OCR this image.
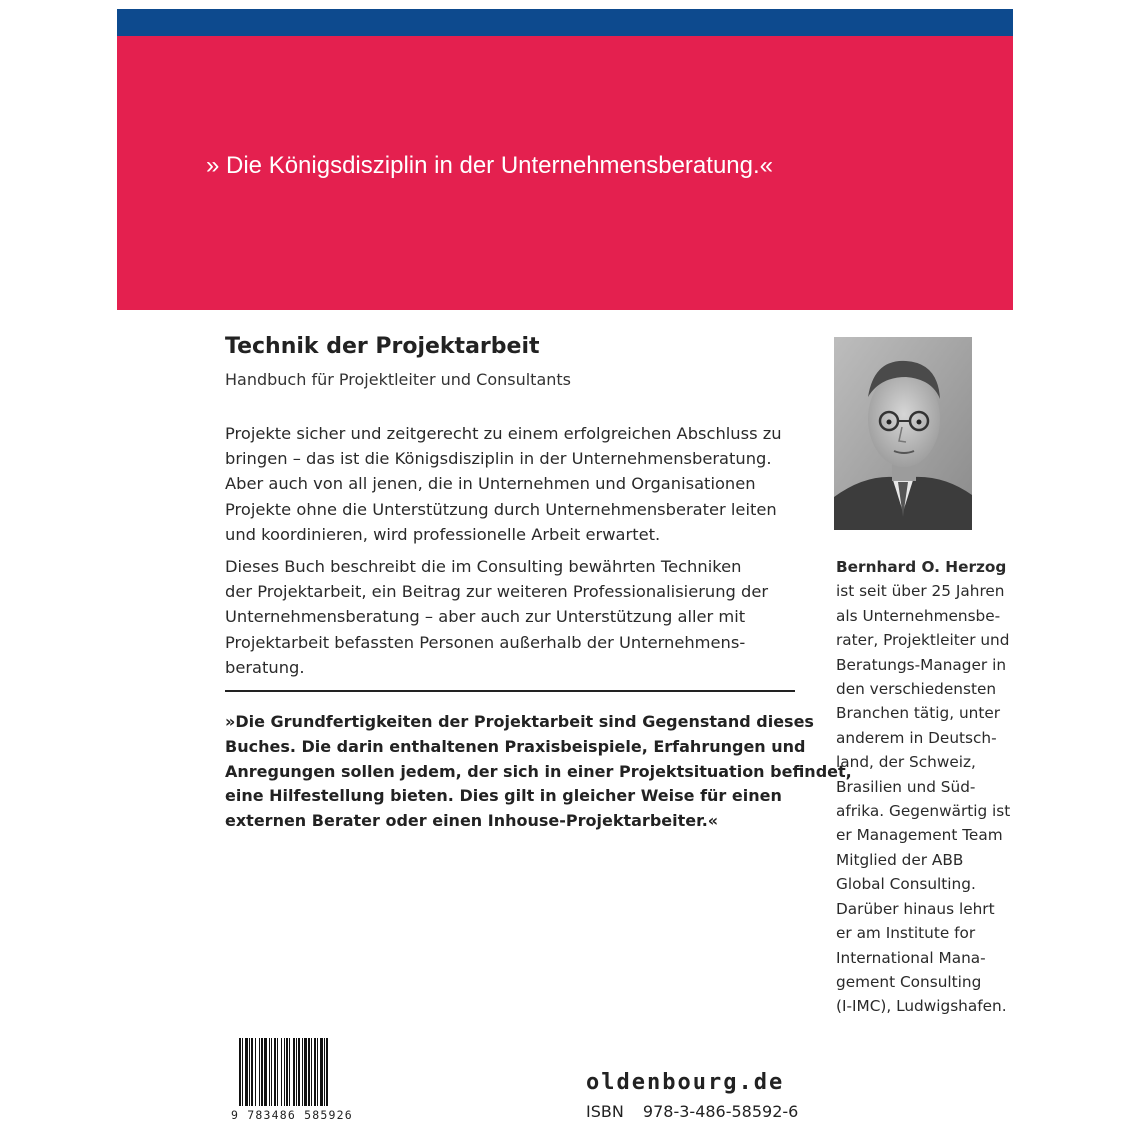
» Die Königsdisziplin in der Unternehmensberatung.«
Technik der Projektarbeit
Handbuch für Projektleiter und Consultants
Projekte sicher und zeitgerecht zu einem erfolgreichen Abschluss zu
bringen – das ist die Königsdisziplin in der Unternehmensberatung.
Aber auch von all jenen, die in Unternehmen und Organisationen
Projekte ohne die Unterstützung durch Unternehmensberater leiten
und koordinieren, wird professionelle Arbeit erwartet.
Dieses Buch beschreibt die im Consulting bewährten Techniken
der Projektarbeit, ein Beitrag zur weiteren Professionalisierung der
Unternehmensberatung – aber auch zur Unterstützung aller mit
Projektarbeit befassten Personen außerhalb der Unternehmens-
beratung.
»Die Grundfertigkeiten der Projektarbeit sind Gegenstand dieses
Buches. Die darin enthaltenen Praxisbeispiele, Erfahrungen und
Anregungen sollen jedem, der sich in einer Projektsituation befindet,
eine Hilfestellung bieten. Dies gilt in gleicher Weise für einen
externen Berater oder einen Inhouse-Projektarbeiter.«
Bernhard O. Herzog
ist seit über 25 Jahren
als Unternehmensbe-
rater, Projektleiter und
Beratungs-Manager in
den verschiedensten
Branchen tätig, unter
anderem in Deutsch-
land, der Schweiz,
Brasilien und Süd-
afrika. Gegenwärtig ist
er Management Team
Mitglied der ABB
Global Consulting.
Darüber hinaus lehrt
er am Institute for
International Mana-
gement Consulting
(I-IMC), Ludwigshafen.
9 783486 585926
oldenbourg.de
ISBN 978-3-486-58592-6
